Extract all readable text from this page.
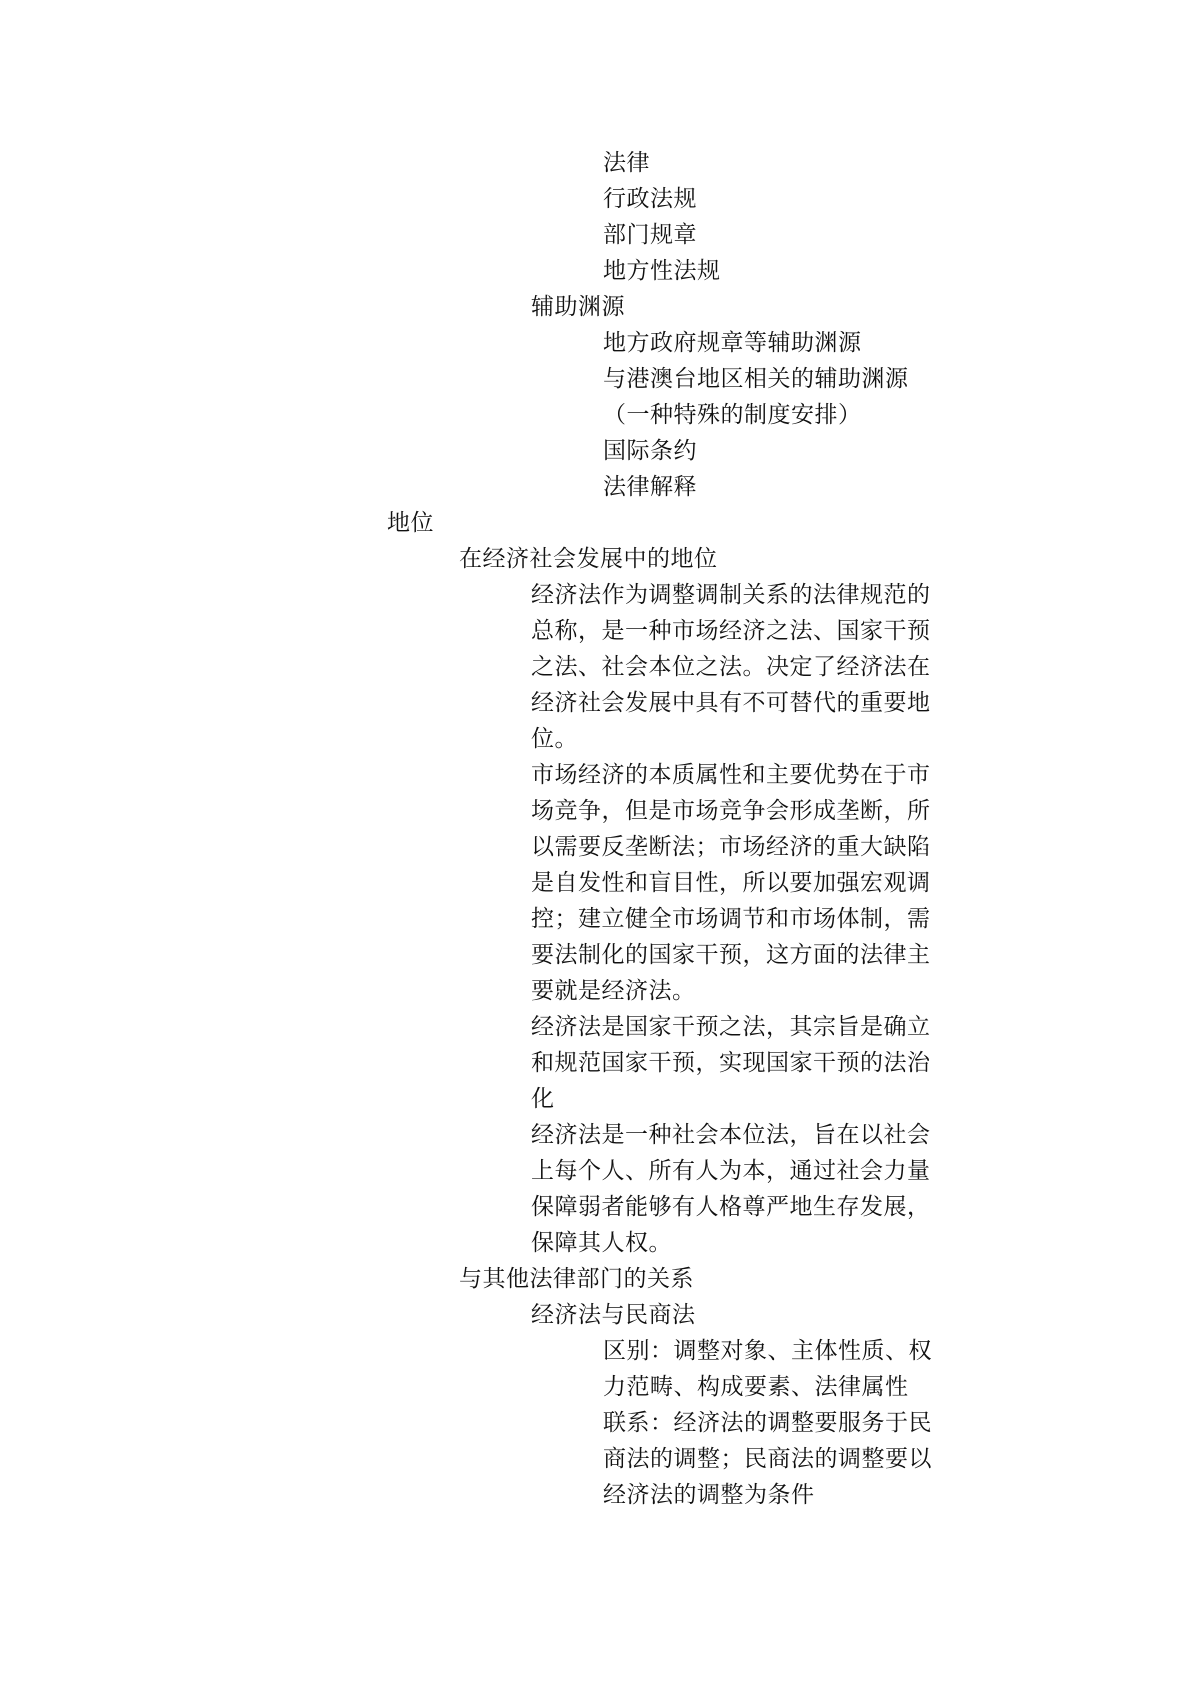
法律
行政法规
部门规章
地方性法规
辅助渊源
地方政府规章等辅助渊源
与港澳台地区相关的辅助渊源（一种特殊的制度安排）
国际条约
法律解释
地位
在经济社会发展中的地位
经济法作为调整调制关系的法律规范的总称，是一种市场经济之法、国家干预之法、社会本位之法。决定了经济法在经济社会发展中具有不可替代的重要地位。
市场经济的本质属性和主要优势在于市场竞争，但是市场竞争会形成垄断，所以需要反垄断法；市场经济的重大缺陷是自发性和盲目性，所以要加强宏观调控；建立健全市场调节和市场体制，需要法制化的国家干预，这方面的法律主要就是经济法。
经济法是国家干预之法，其宗旨是确立和规范国家干预，实现国家干预的法治化
经济法是一种社会本位法，旨在以社会上每个人、所有人为本，通过社会力量保障弱者能够有人格尊严地生存发展，保障其人权。
与其他法律部门的关系
经济法与民商法
区别：调整对象、主体性质、权力范畴、构成要素、法律属性
联系：经济法的调整要服务于民商法的调整；民商法的调整要以经济法的调整为条件
